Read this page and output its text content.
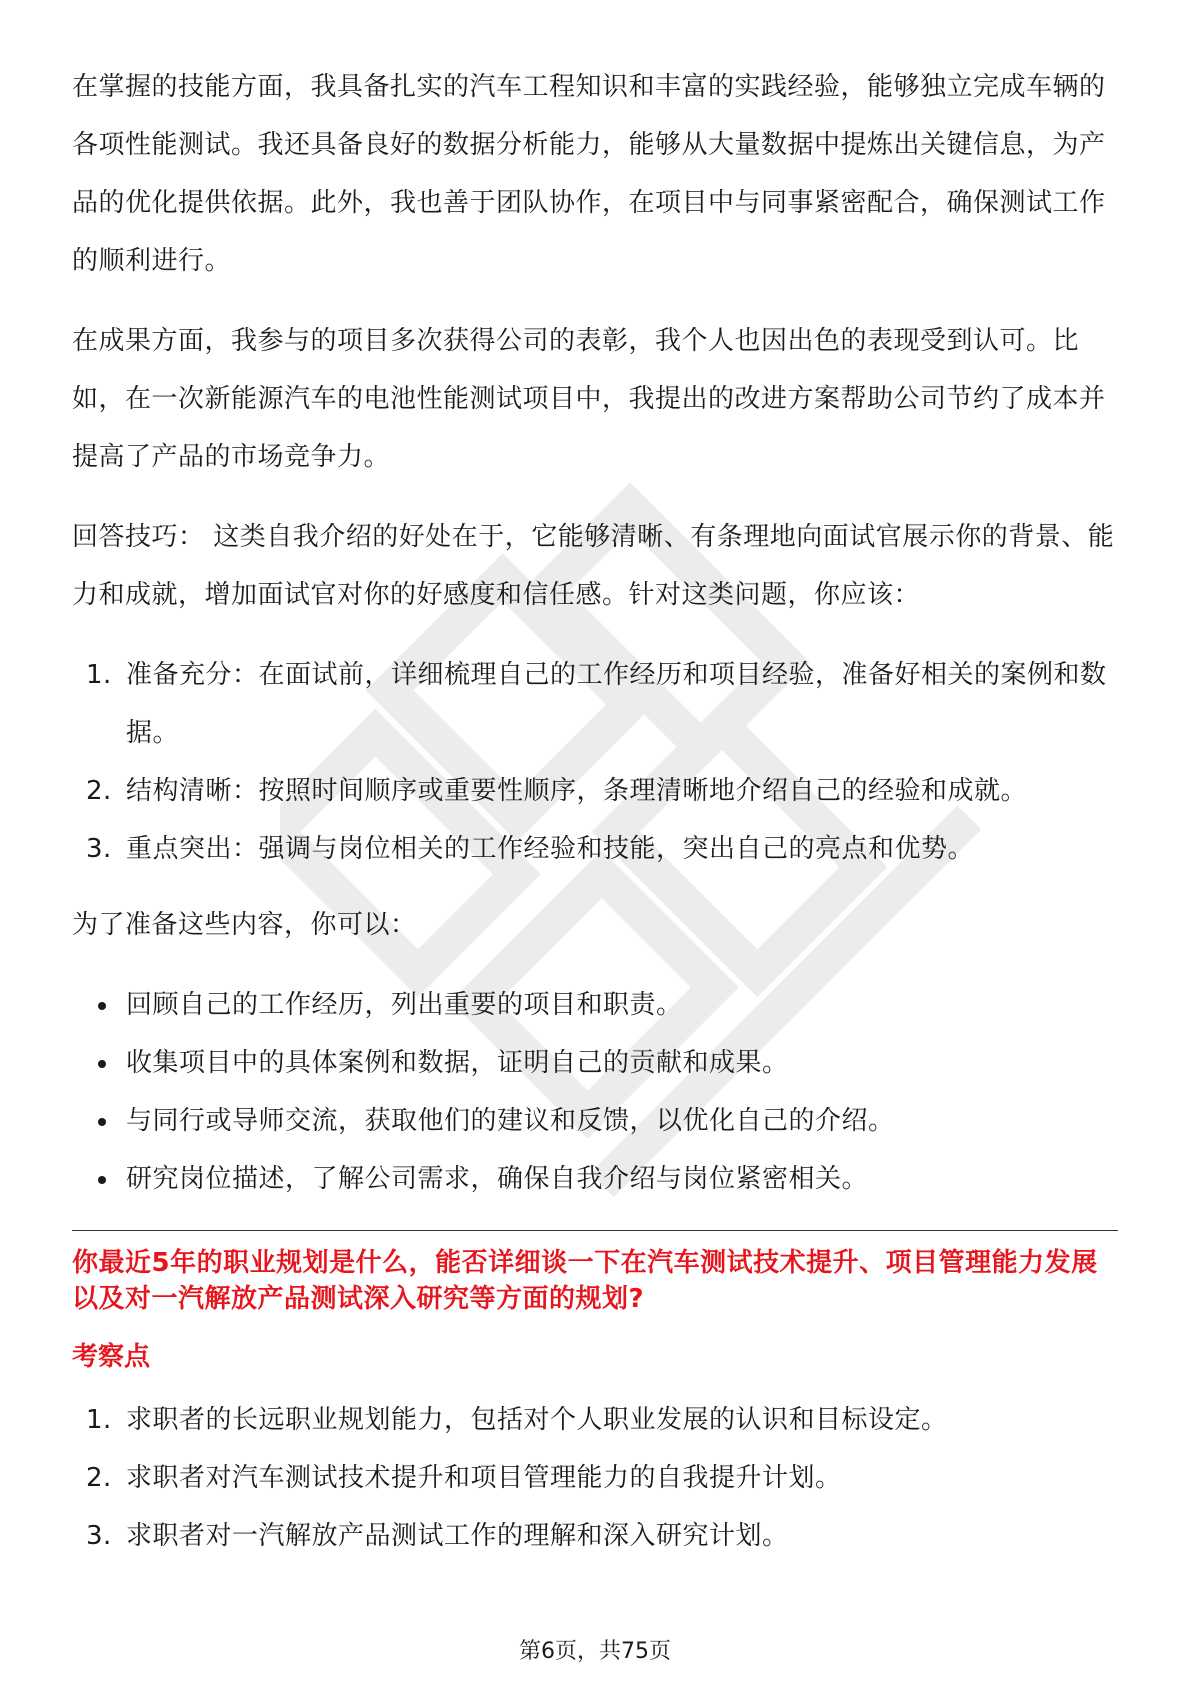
在掌握的技能方面，我具备扎实的汽车工程知识和丰富的实践经验，能够独立完成车辆的各项性能测试。我还具备良好的数据分析能力，能够从大量数据中提炼出关键信息，为产品的优化提供依据。此外，我也善于团队协作，在项目中与同事紧密配合，确保测试工作的顺利进行。

在成果方面，我参与的项目多次获得公司的表彰，我个人也因出色的表现受到认可。比如，在一次新能源汽车的电池性能测试项目中，我提出的改进方案帮助公司节约了成本并提高了产品的市场竞争力。

回答技巧： 这类自我介绍的好处在于，它能够清晰、有条理地向面试官展示你的背景、能力和成就，增加面试官对你的好感度和信任感。针对这类问题，你应该：

1. 准备充分：在面试前，详细梳理自己的工作经历和项目经验，准备好相关的案例和数据。
2. 结构清晰：按照时间顺序或重要性顺序，条理清晰地介绍自己的经验和成就。
3. 重点突出：强调与岗位相关的工作经验和技能，突出自己的亮点和优势。

为了准备这些内容，你可以：

回顾自己的工作经历，列出重要的项目和职责。
收集项目中的具体案例和数据，证明自己的贡献和成果。
与同行或导师交流，获取他们的建议和反馈，以优化自己的介绍。
研究岗位描述，了解公司需求，确保自我介绍与岗位紧密相关。
你最近5年的职业规划是什么，能否详细谈一下在汽车测试技术提升、项目管理能力发展以及对一汽解放产品测试深入研究等方面的规划?
考察点
1. 求职者的长远职业规划能力，包括对个人职业发展的认识和目标设定。
2. 求职者对汽车测试技术提升和项目管理能力的自我提升计划。
3. 求职者对一汽解放产品测试工作的理解和深入研究计划。
第6页，共75页
